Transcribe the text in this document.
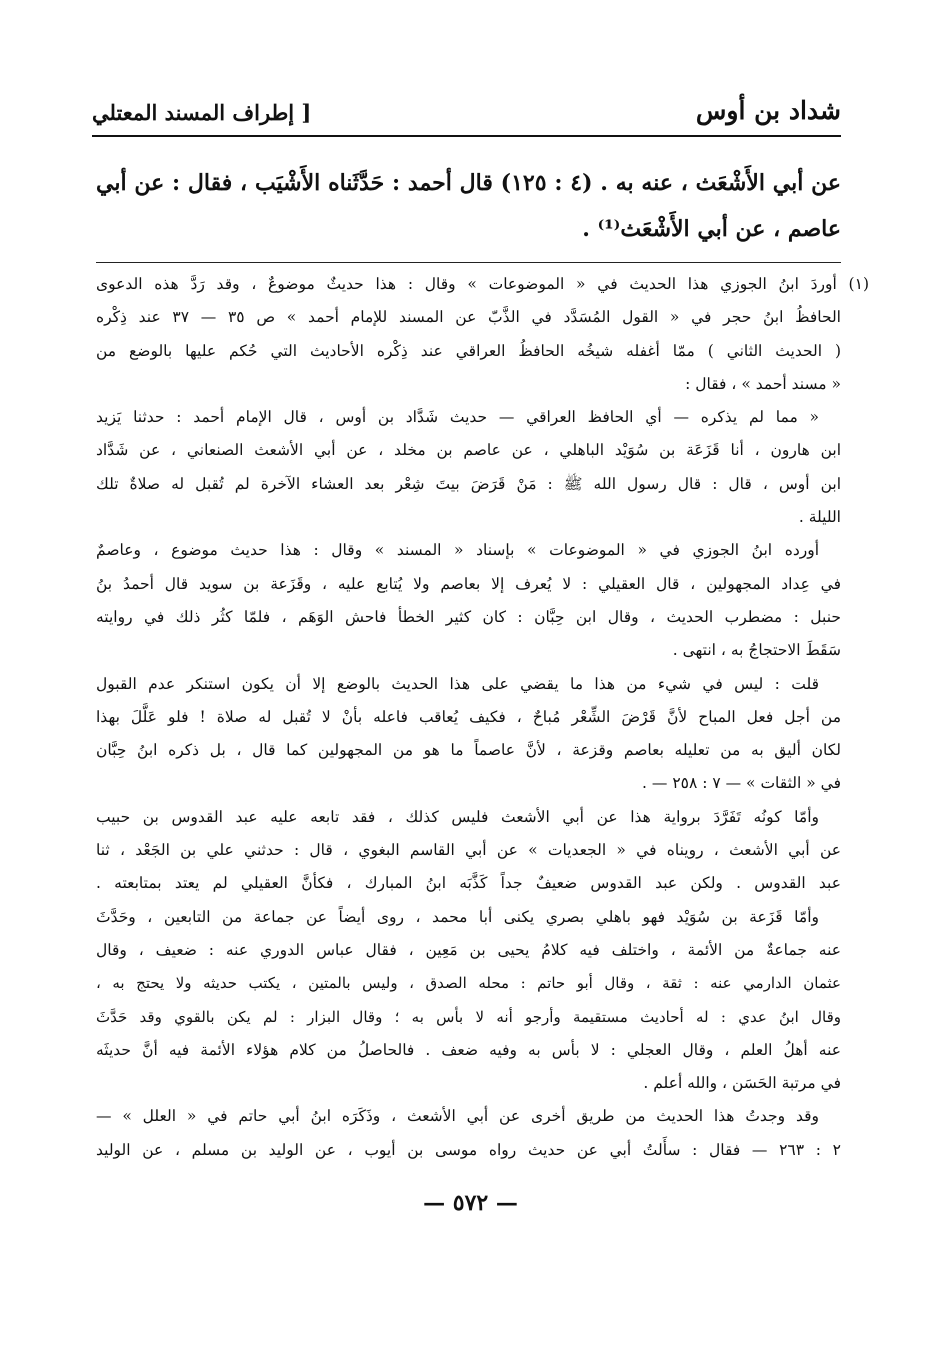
شداد بن أوس
[ إطراف المسند المعتلي
عن أبي الأَشْعَث ، عنه به . (٤ : ١٢٥) قال أحمد : حَدَّثَناه الأَشْيَب ، فقال : عن أبي
عاصم ، عن أبي الأَشْعَث⁽¹⁾ .
(١) أوردَ ابنُ الجوزي هذا الحديث في « الموضوعات » وقال : هذا حديثٌ موضوعٌ ، وقد رَدَّ هذه الدعوى
الحافظُ ابنُ حجر في « القول المُسَدَّد في الذَّبّ عن المسند للإمام أحمد » ص ٣٥ — ٣٧ عند ذِكْره
( الحديث الثاني ) ممّا أغفله شيخُه الحافظُ العراقي عند ذِكْره الأحاديث التي حُكم عليها بالوضع من
« مسند أحمد » ، فقال :
« مما لم يذكره — أي الحافظ العراقي — حديث شَدَّاد بن أوس ، قال الإمام أحمد : حدثنا يَزيد
ابن هارون ، أنا قَزَعَة بن سُوَيْد الباهلي ، عن عاصم بن مخلد ، عن أبي الأشعث الصنعاني ، عن شَدَّاد
ابن أوس ، قال : قال رسول الله ﷺ : مَنْ قَرَضَ بيتَ شِعْر بعد العشاء الآخرة لم تُقبل له صلاةٌ تلك
الليلة .
أورده ابنُ الجوزي في « الموضوعات » بإسناد « المسند » وقال : هذا حديث موضوع ، وعاصمٌ
في عِداد المجهولين ، قال العقيلي : لا يُعرف إلا بعاصم ولا يُتابع عليه ، وقَزَعة بن سويد قال أحمدُ بنُ
حنبل : مضطرب الحديث ، وقال ابن حِبَّان : كان كثير الخطأ فاحش الوَهَم ، فلمّا كثُر ذلك في روايته
سَقَطَ الاحتجاجُ به ، انتهى .
قلت : ليس في شيء من هذا ما يقضي على هذا الحديث بالوضع إلا أن يكون استنكر عدم القبول
من أجل فعل المباح لأنَّ قَرْضَ الشِّعْر مُباحٌ ، فكيف يُعاقب فاعله بأنْ لا تُقبل له صلاة ! فلو عَلَّلَ بهذا
لكان أليق به من تعليله بعاصم وقزعة ، لأنَّ عاصماً ما هو من المجهولين كما قال ، بل ذكره ابنُ حِبَّان
في « الثقات » — ٧ : ٢٥٨ — .
وأمّا كونُه تَفَرَّدَ برواية هذا عن أبي الأشعث فليس كذلك ، فقد تابعه عليه عبد القدوس بن حبيب
عن أبي الأشعث ، رويناه في « الجعديات » عن أبي القاسم البغوي ، قال : حدثني علي بن الجَعْد ، ثنا
عبد القدوس . ولكن عبد القدوس ضعيفٌ جداً كَذَّبَه ابنُ المبارك ، فكأنَّ العقيلي لم يعتد بمتابعته .
وأمّا قَزَعة بن سُوَيْد فهو باهلي بصري يكنى أبا محمد ، روى أيضاً عن جماعة من التابعين ، وحَدَّثَ
عنه جماعةٌ من الأئمة ، واختلف فيه كلامُ يحيى بن مَعِين ، فقال عباس الدوري عنه : ضعيف ، وقال
عثمان الدارمي عنه : ثقة ، وقال أبو حاتم : محله الصدق ، وليس بالمتين ، يكتب حديثه ولا يحتج به ،
وقال ابنُ عدي : له أحاديث مستقيمة وأرجو أنه لا بأس به ؛ وقال البزار : لم يكن بالقوي وقد حَدَّثَ
عنه أهلُ العلم ، وقال العجلي : لا بأس به وفيه ضعف . فالحاصلُ من كلام هؤلاء الأئمة فيه أنَّ حديثَه
في مرتبة الحَسَن ، والله أعلم .
وقد وجدتُ هذا الحديث من طريق أخرى عن أبي الأشعث ، وذَكَرَه ابنُ أبي حاتم في « العلل » —
٢ : ٢٦٣ — فقال : سأَلتُ أبي عن حديث رواه موسى بن أيوب ، عن الوليد بن مسلم ، عن الوليد
— ٥٧٢ —
